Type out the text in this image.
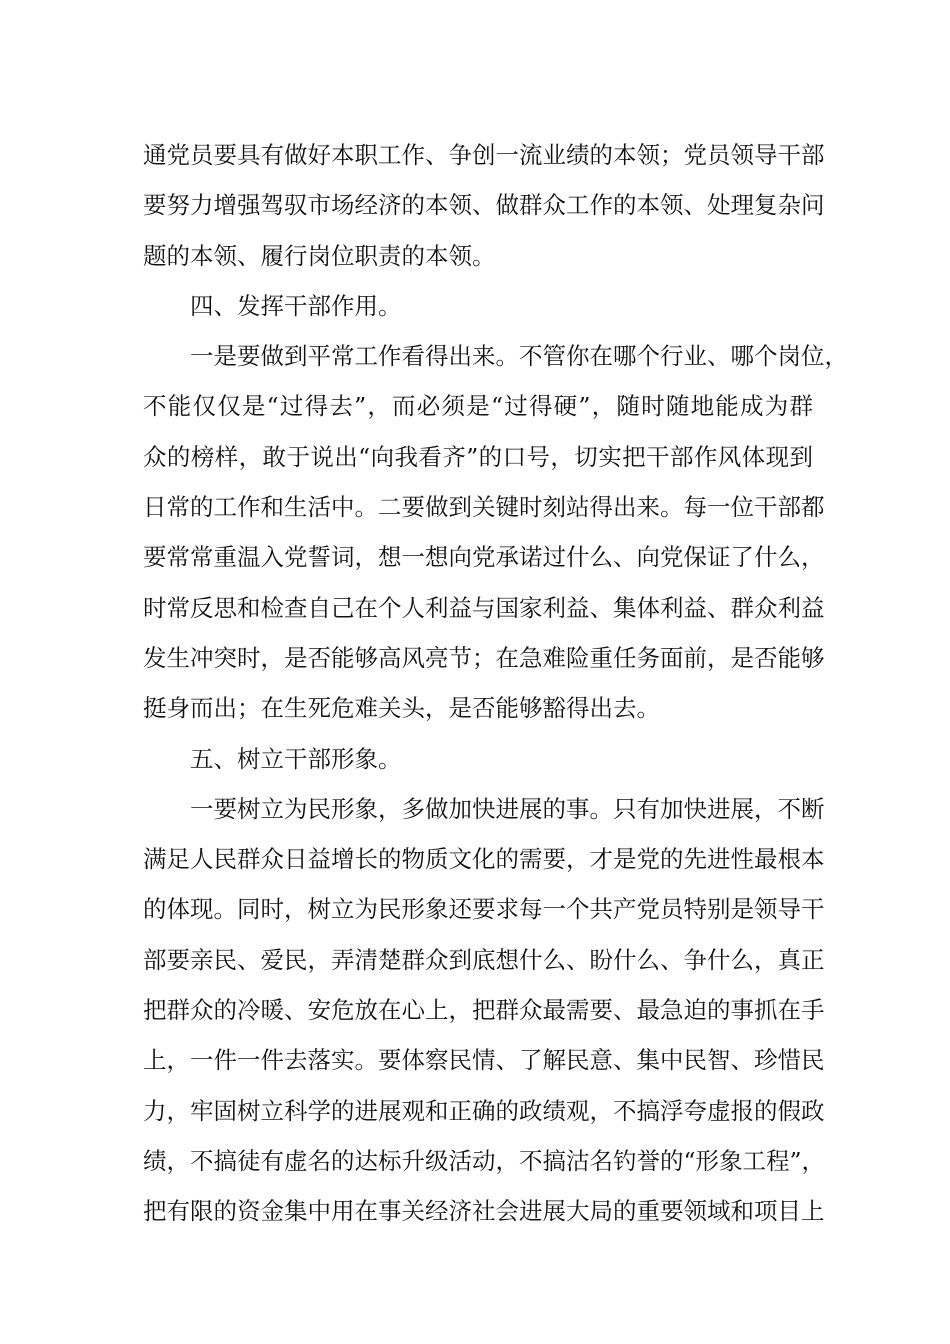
通党员要具有做好本职工作、争创一流业绩的本领；党员领导干部
要努力增强驾驭市场经济的本领、做群众工作的本领、处理复杂问
题的本领、履行岗位职责的本领。
四、发挥干部作用。
一是要做到平常工作看得出来。不管你在哪个行业、哪个岗位，
不能仅仅是“过得去”，而必须是“过得硬”，随时随地能成为群
众的榜样，敢于说出“向我看齐”的口号，切实把干部作风体现到
日常的工作和生活中。二要做到关键时刻站得出来。每一位干部都
要常常重温入党誓词，想一想向党承诺过什么、向党保证了什么，
时常反思和检查自己在个人利益与国家利益、集体利益、群众利益
发生冲突时，是否能够高风亮节；在急难险重任务面前，是否能够
挺身而出；在生死危难关头，是否能够豁得出去。
五、树立干部形象。
一要树立为民形象，多做加快进展的事。只有加快进展，不断
满足人民群众日益增长的物质文化的需要，才是党的先进性最根本
的体现。同时，树立为民形象还要求每一个共产党员特别是领导干
部要亲民、爱民，弄清楚群众到底想什么、盼什么、争什么，真正
把群众的冷暖、安危放在心上，把群众最需要、最急迫的事抓在手
上，一件一件去落实。要体察民情、了解民意、集中民智、珍惜民
力，牢固树立科学的进展观和正确的政绩观，不搞浮夸虚报的假政
绩，不搞徒有虚名的达标升级活动，不搞沽名钓誉的“形象工程”，
把有限的资金集中用在事关经济社会进展大局的重要领域和项目上
